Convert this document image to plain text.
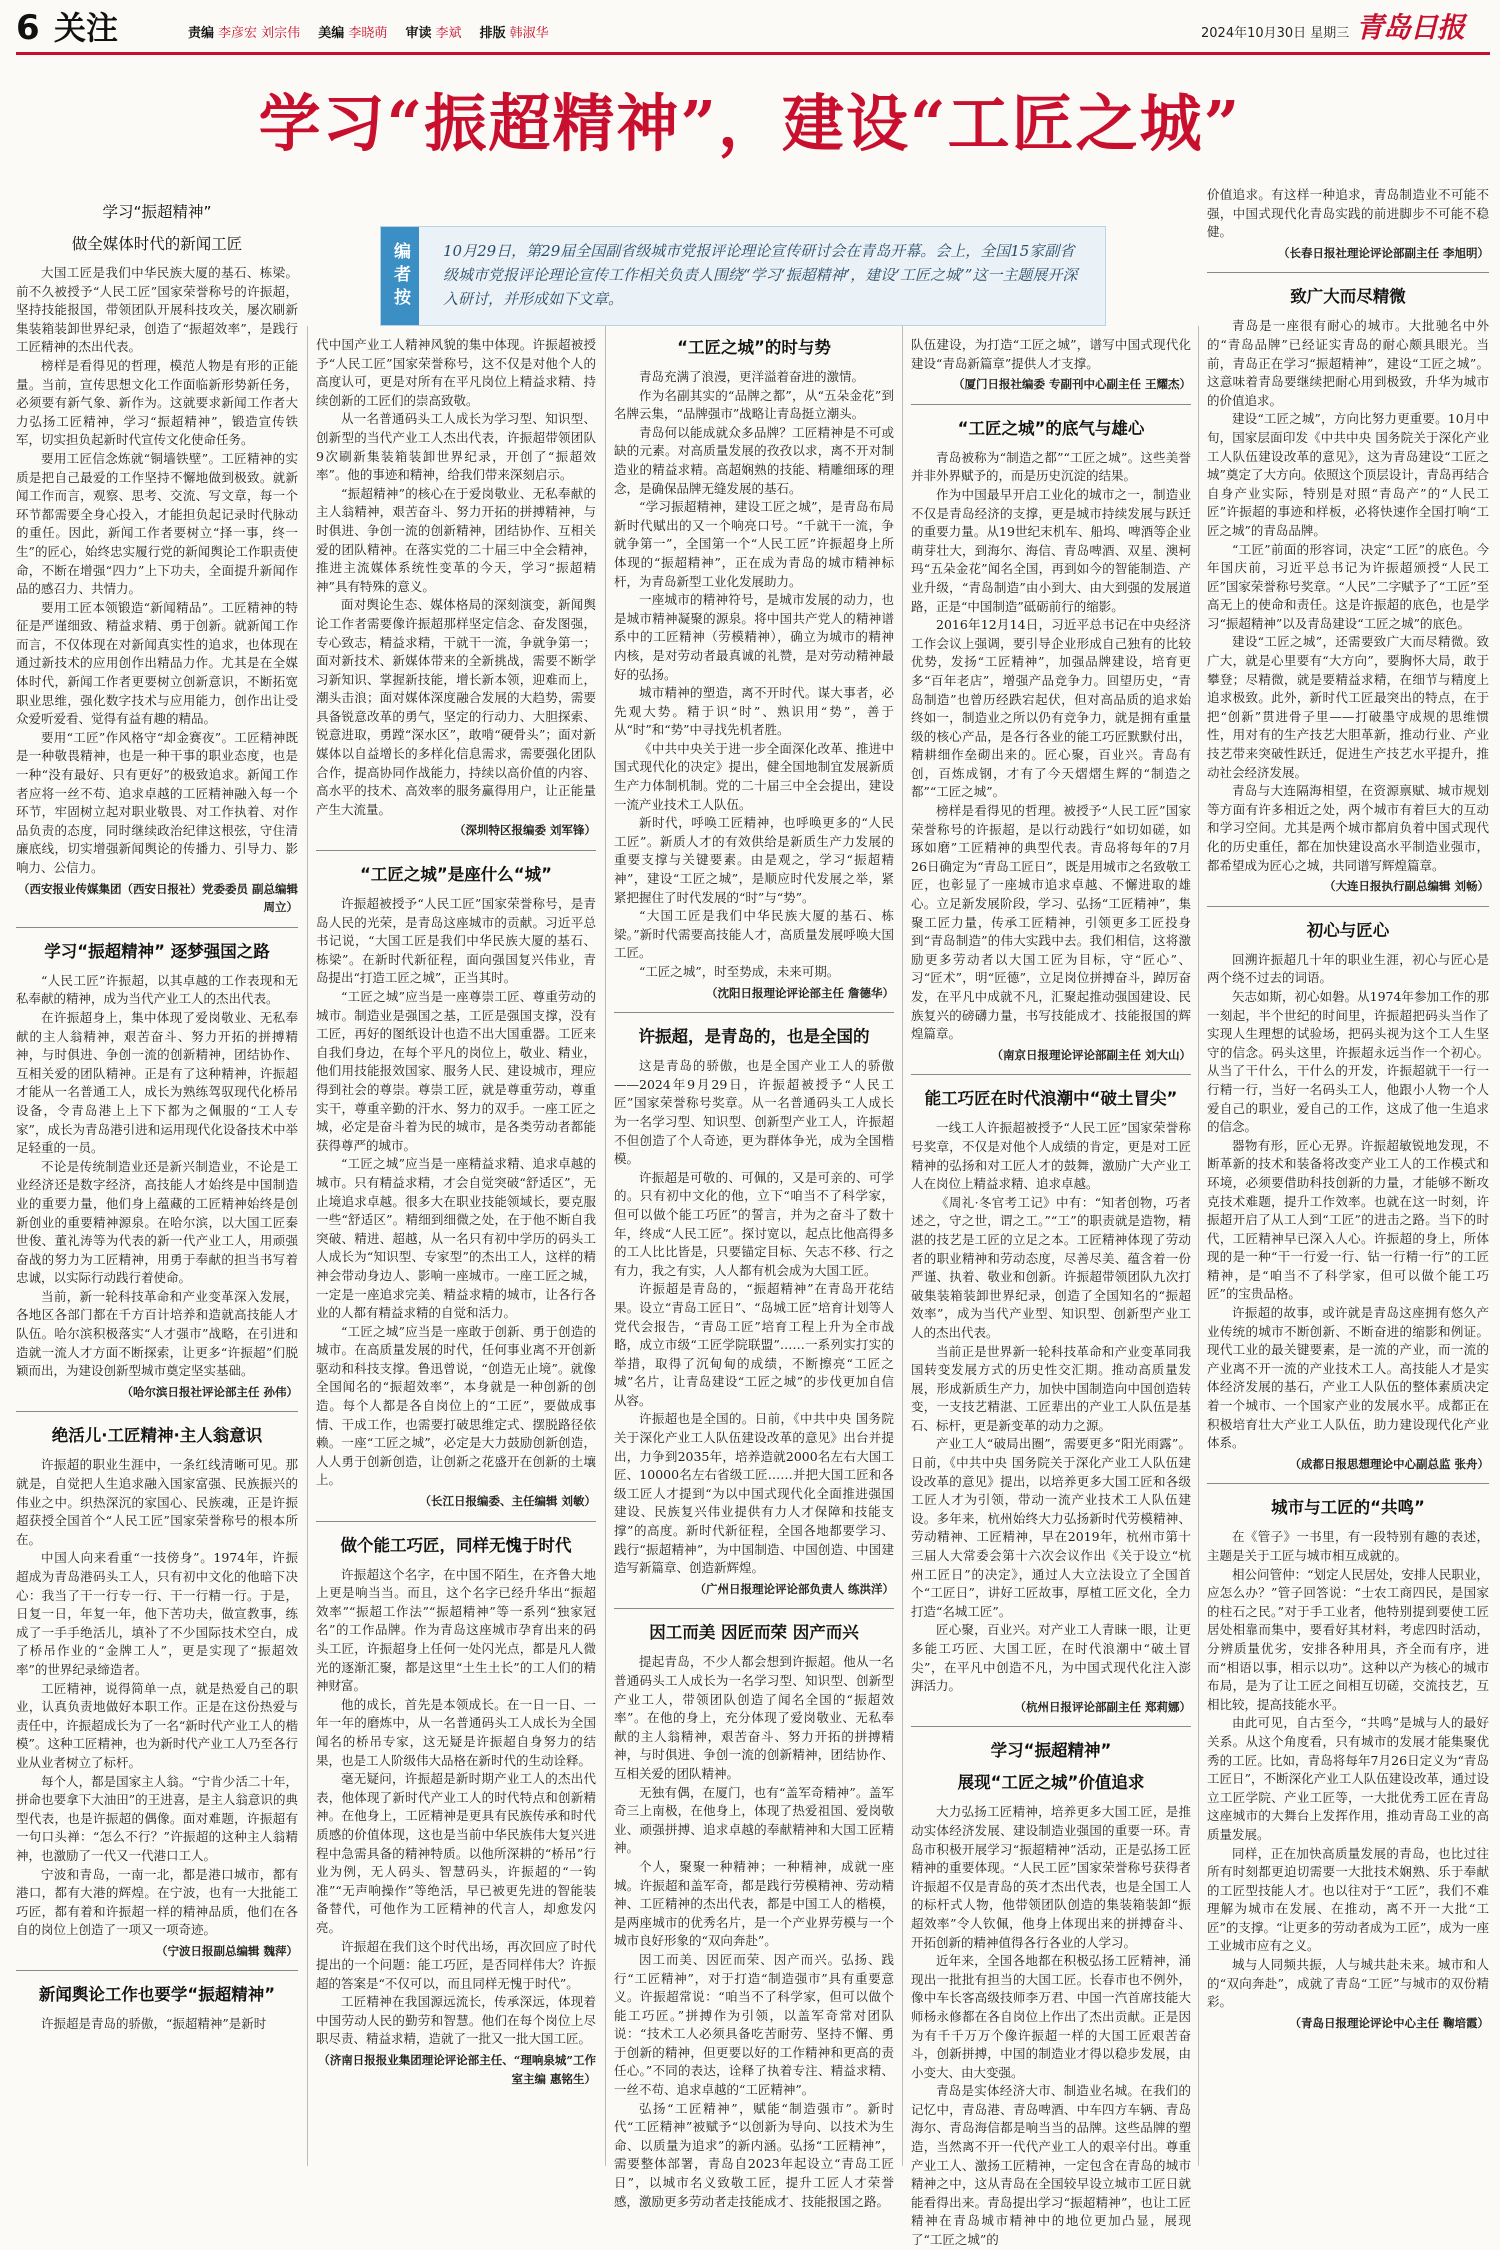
6 关注	责编 李彦宏 刘宗伟 美编 李晓萌 审读 李斌 排版 韩淑华	2024年10月30日 星期三 青岛日报
学习“振超精神”，建设“工匠之城”
编者按	10月29日，第29届全国副省级城市党报评论理论宣传研讨会在青岛开幕。会上，全国15家副省级城市党报评论理论宣传工作相关负责人围绕“学习‘振超精神’，建设‘工匠之城’”这一主题展开深入研讨，并形成如下文章。
学习“振超精神”
做全媒体时代的新闻工匠

大国工匠是我们中华民族大厦的基石、栋梁。前不久被授予“人民工匠”国家荣誉称号的许振超，坚持技能报国，带领团队开展科技攻关，屡次刷新集装箱装卸世界纪录，创造了“振超效率”，是践行工匠精神的杰出代表。

榜样是看得见的哲理，模范人物是有形的正能量。当前，宣传思想文化工作面临新形势新任务，必须要有新气象、新作为。这就要求新闻工作者大力弘扬工匠精神，学习“振超精神”，锻造宣传铁军，切实担负起新时代宣传文化使命任务。

要用工匠信念炼就“铜墙铁壁”。工匠精神的实质是把自己最爱的工作坚持不懈地做到极致。就新闻工作而言，观察、思考、交流、写文章，每一个环节都需要全身心投入，才能担负起记录时代脉动的重任。因此，新闻工作者要树立“择一事，终一生”的匠心，始终忠实履行党的新闻舆论工作职责使命，不断在增强“四力”上下功夫，全面提升新闻作品的感召力、共情力。

要用工匠本领锻造“新闻精品”。工匠精神的特征是严谨细致、精益求精、勇于创新。就新闻工作而言，不仅体现在对新闻真实性的追求，也体现在通过新技术的应用创作出精品力作。尤其是在全媒体时代，新闻工作者更要树立创新意识，不断拓宽职业思维，强化数字技术与应用能力，创作出让受众爱听爱看、觉得有益有趣的精品。

要用“工匠”作风格守“却金赛夜”。工匠精神既是一种敬畏精神，也是一种干事的职业态度，也是一种“没有最好、只有更好”的极致追求。新闻工作者应将一丝不苟、追求卓越的工匠精神融入每一个环节，牢固树立起对职业敬畏、对工作执着、对作品负责的态度，同时继续政治纪律这根弦，守住清廉底线，切实增强新闻舆论的传播力、引导力、影响力、公信力。

（西安报业传媒集团（西安日报社）党委委员 副总编辑 周立）
学习“振超精神” 逐梦强国之路

“人民工匠”许振超，以其卓越的工作表现和无私奉献的精神，成为当代产业工人的杰出代表。

在许振超身上，集中体现了爱岗敬业、无私奉献的主人翁精神，艰苦奋斗、努力开拓的拼搏精神，与时俱进、争创一流的创新精神，团结协作、互相关爱的团队精神。正是有了这种精神，许振超才能从一名普通工人，成长为熟练驾驭现代化桥吊设备，令青岛港上上下下都为之佩服的“工人专家”，成长为青岛港引进和运用现代化设备技术中举足轻重的一员。

不论是传统制造业还是新兴制造业，不论是工业经济还是数字经济，高技能人才始终是中国制造业的重要力量，他们身上蕴藏的工匠精神始终是创新创业的重要精神源泉。在哈尔滨，以大国工匠秦世俊、董礼涛等为代表的新一代产业工人，用顽强奋战的努力为工匠精神，用勇于奉献的担当书写着忠诚，以实际行动践行着使命。

当前，新一轮科技革命和产业变革深入发展，各地区各部门都在千方百计培养和造就高技能人才队伍。哈尔滨积极落实“人才强市”战略，在引进和造就一流人才方面不断探索，让更多“许振超”们脱颖而出，为建设创新型城市奠定坚实基础。

（哈尔滨日报社评论部主任 孙伟）
绝活儿·工匠精神·主人翁意识

许振超的职业生涯中，一条红线清晰可见。那就是，自觉把人生追求融入国家富强、民族振兴的伟业之中。织热深沉的家国心、民族魂，正是许振超获授全国首个“人民工匠”国家荣誉称号的根本所在。

中国人向来看重“一技傍身”。1974年，许振超成为青岛港码头工人，只有初中文化的他暗下决心：我当了干一行专一行、干一行精一行。于是，日复一日，年复一年，他下苦功夫，做宣教事，练成了一手手绝活儿，填补了不少国际技术空白，成了桥吊作业的“金牌工人”，更是实现了“振超效率”的世界纪录缔造者。

工匠精神，说得简单一点，就是热爱自己的职业，认真负责地做好本职工作。正是在这份热爱与责任中，许振超成长为了一名“新时代产业工人的楷模”。这种工匠精神，也为新时代产业工人乃至各行业从业者树立了标杆。

每个人，都是国家主人翁。“宁肯少活二十年，拼命也要拿下大油田”的王进喜，是主人翁意识的典型代表，也是许振超的偶像。面对难题，许振超有一句口头禅：“怎么不行？”许振超的这种主人翁精神，也激励了一代又一代港口工人。

宁波和青岛，一南一北，都是港口城市，都有港口，都有大港的辉煌。在宁波，也有一大批能工巧匠，都有着和许振超一样的精神品质，他们在各自的岗位上创造了一项又一项奇迹。

（宁波日报副总编辑 魏萍）
新闻舆论工作也要学“振超精神”

许振超是青岛的骄傲，“振超精神”是新时

代中国产业工人精神风貌的集中体现。许振超被授予“人民工匠”国家荣誉称号，这不仅是对他个人的高度认可，更是对所有在平凡岗位上精益求精、持续创新的工匠们的崇高致敬。

从一名普通码头工人成长为学习型、知识型、创新型的当代产业工人杰出代表，许振超带领团队9次刷新集装箱装卸世界纪录，开创了“振超效率”。他的事迹和精神，给我们带来深刻启示。

“振超精神”的核心在于爱岗敬业、无私奉献的主人翁精神，艰苦奋斗、努力开拓的拼搏精神，与时俱进、争创一流的创新精神，团结协作、互相关爱的团队精神。在落实党的二十届三中全会精神，推进主流媒体系统性变革的今天，学习“振超精神”具有特殊的意义。

面对舆论生态、媒体格局的深刻演变，新闻舆论工作者需要像许振超那样坚定信念、奋发图强，专心致志，精益求精，干就干一流，争就争第一；面对新技术、新媒体带来的全新挑战，需要不断学习新知识、掌握新技能，增长新本领，迎难而上，潮头击浪；面对媒体深度融合发展的大趋势，需要具备锐意改革的勇气，坚定的行动力、大胆探索、锐意进取，勇蹚“深水区”，敢啃“硬骨头”；面对新媒体以自益增长的多样化信息需求，需要强化团队合作，提高协同作战能力，持续以高价值的内容、高水平的技术、高效率的服务赢得用户，让正能量产生大流量。

（深圳特区报编委 刘军锋）
“工匠之城”是座什么“城”

许振超被授予“人民工匠”国家荣誉称号，是青岛人民的光荣，是青岛这座城市的贡献。习近平总书记说，“大国工匠是我们中华民族大厦的基石、栋梁”。在新时代新征程，面向强国复兴伟业，青岛提出“打造工匠之城”，正当其时。

“工匠之城”应当是一座尊崇工匠、尊重劳动的城市。制造业是强国之基，工匠是强国支撑，没有工匠，再好的图纸设计也造不出大国重器。工匠来自我们身边，在每个平凡的岗位上，敬业、精业，他们用技能报效国家、服务人民、建设城市，理应得到社会的尊崇。尊崇工匠，就是尊重劳动，尊重实干，尊重辛勤的汗水、努力的双手。一座工匠之城，必定是奋斗着为民的城市，是各类劳动者都能获得尊严的城市。

“工匠之城”应当是一座精益求精、追求卓越的城市。只有精益求精，才会自觉突破“舒适区”，无止境追求卓越。很多大在职业技能领域长，要克服一些“舒适区”。精细到细微之处，在于他不断自我突破、精进、超越，从一名只有初中学历的码头工人成长为“知识型、专家型”的杰出工人，这样的精神会带动身边人、影响一座城市。一座工匠之城，一定是一座追求完美、精益求精的城市，让各行各业的人都有精益求精的自觉和活力。

“工匠之城”应当是一座敢于创新、勇于创造的城市。在高质量发展的时代，任何事业离不开创新驱动和科技支撑。鲁迅曾说，“创造无止境”。就像全国闻名的“振超效率”，本身就是一种创新的创造。每个人都是各自岗位上的“工匠”，要做成事情、干成工作，也需要打破思维定式、摆脱路径依赖。一座“工匠之城”，必定是大力鼓励创新创造，人人勇于创新创造，让创新之花盛开在创新的土壤上。

（长江日报编委、主任编辑 刘敏）
做个能工巧匠，同样无愧于时代

许振超这个名字，在中国不陌生，在齐鲁大地上更是响当当。而且，这个名字已经升华出“振超效率”“振超工作法”“振超精神”等一系列“独家冠名”的工作品牌。作为青岛这座城市孕育出来的码头工匠，许振超身上任何一处闪光点，都是凡人微光的逐渐汇聚，都是这里“土生土长”的工人们的精神财富。

他的成长，首先是本领成长。在一日一日、一年一年的磨炼中，从一名普通码头工人成长为全国闻名的桥吊专家，这无疑是许振超自身努力的结果，也是工人阶级伟大品格在新时代的生动诠释。

毫无疑问，许振超是新时期产业工人的杰出代表，他体现了新时代产业工人的时代特点和创新精神。在他身上，工匠精神是更具有民族传承和时代质感的价值体现，这也是当前中华民族伟大复兴进程中急需具备的精神特质。以他所深耕的“桥吊”行业为例，无人码头、智慧码头，许振超的“一钩准”“无声响操作”等绝活，早已被更先进的智能装备替代，可他作为工匠精神的代言人，却愈发闪亮。

许振超在我们这个时代出场，再次回应了时代提出的一个问题：能工巧匠，是否同样伟大？许振超的答案是“不仅可以，而且同样无愧于时代”。

工匠精神在我国源远流长，传承深远，体现着中国劳动人民的勤劳和智慧。他们在每个岗位上尽职尽责、精益求精，造就了一批又一批大国工匠。

（济南日报报业集团理论评论部主任、“理响泉城”工作室主编 惠铭生）
“工匠之城”的时与势

青岛充满了浪漫，更洋溢着奋进的激情。

作为名副其实的“品牌之都”，从“五朵金花”到名牌云集，“品牌强市”战略让青岛挺立潮头。

青岛何以能成就众多品牌？工匠精神是不可或缺的元素。对高质量发展的孜孜以求，离不开对制造业的精益求精。高超娴熟的技能、精雕细琢的理念，是确保品牌无缝发展的基石。

“学习振超精神，建设工匠之城”，是青岛布局新时代赋出的又一个响亮口号。“千就干一流，争就争第一”，全国第一个“人民工匠”许振超身上所体现的“振超精神”，正在成为青岛的城市精神标杆，为青岛新型工业化发展助力。

一座城市的精神符号，是城市发展的动力，也是城市精神凝聚的源泉。将中国共产党人的精神谱系中的工匠精神（劳模精神），确立为城市的精神内核，是对劳动者最真诚的礼赞，是对劳动精神最好的弘扬。

城市精神的塑造，离不开时代。谋大事者，必先观大势。精于识“时”、熟识用“势”，善于从“时”和“势”中寻找先机者胜。

《中共中央关于进一步全面深化改革、推进中国式现代化的决定》提出，健全国地制宜发展新质生产力体制机制。党的二十届三中全会提出，建设一流产业技术工人队伍。

新时代，呼唤工匠精神，也呼唤更多的“人民工匠”。新质人才的有效供给是新质生产力发展的重要支撑与关键要素。由是观之，学习“振超精神”，建设“工匠之城”，是顺应时代发展之举，紧紧把握住了时代发展的“时”与“势”。

“大国工匠是我们中华民族大厦的基石、栋梁。”新时代需要高技能人才，高质量发展呼唤大国工匠。

“工匠之城”，时至势成，未来可期。

（沈阳日报理论评论部主任 詹德华）
许振超，是青岛的，也是全国的

这是青岛的骄傲，也是全国产业工人的骄傲——2024年9月29日，许振超被授予“人民工匠”国家荣誉称号奖章。从一名普通码头工人成长为一名学习型、知识型、创新型产业工人，许振超不但创造了个人奇迹，更为群体争光，成为全国楷模。

许振超是可敬的、可佩的，又是可亲的、可学的。只有初中文化的他，立下“咱当不了科学家，但可以做个能工巧匠”的誓言，并为之奋斗了数十年，终成“人民工匠”。探讨宽以，起点比他高得多的工人比比皆是，只要锚定目标、矢志不移、行之有力，我之有实，人人都有机会成为大国工匠。

许振超是青岛的，“振超精神”在青岛开花结果。设立“青岛工匠日”、“岛城工匠”培育计划等人党代会报告，“青岛工匠”培育工程上升为全市战略，成立市级“工匠学院联盟”……一系列实打实的举措，取得了沉甸甸的成绩，不断擦亮“工匠之城”名片，让青岛建设“工匠之城”的步伐更加自信从容。

许振超也是全国的。日前，《中共中央 国务院关于深化产业工人队伍建设改革的意见》出台并提出，力争到2035年，培养造就2000名左右大国工匠、10000名左右省级工匠……并把大国工匠和各级工匠人才提到“为以中国式现代化全面推进强国建设、民族复兴伟业提供有力人才保障和技能支撑”的高度。新时代新征程，全国各地都要学习、践行“振超精神”，为中国制造、中国创造、中国建造写新篇章、创造新辉煌。

（广州日报理论评论部负责人 练洪洋）
因工而美 因匠而荣 因产而兴

提起青岛，不少人都会想到许振超。他从一名普通码头工人成长为一名学习型、知识型、创新型产业工人，带领团队创造了闻名全国的“振超效率”。在他的身上，充分体现了爱岗敬业、无私奉献的主人翁精神，艰苦奋斗、努力开拓的拼搏精神，与时俱进、争创一流的创新精神，团结协作、互相关爱的团队精神。

无独有偶，在厦门，也有“盖军奇精神”。盖军奇三上南极，在他身上，体现了热爱祖国、爱岗敬业、顽强拼搏、追求卓越的奉献精神和大国工匠精神。

个人，聚聚一种精神；一种精神，成就一座城。许振超和盖军奇，都是践行劳模精神、劳动精神、工匠精神的杰出代表，都是中国工人的楷模，是两座城市的优秀名片，是一个产业界劳模与一个城市良好形象的“双向奔赴”。

因工而美、因匠而荣、因产而兴。弘扬、践行“工匠精神”，对于打造“制造强市”具有重要意义。许振超常说：“咱当不了科学家，但可以做个能工巧匠。”拼搏作为引领，以盖军奇常对团队说：“技术工人必须具备吃苦耐劳、坚持不懈、勇于创新的精神，但更要以好的工作精神和更高的责任心。”不同的表达，诠释了执着专注、精益求精、一丝不苟、追求卓越的“工匠精神”。

弘扬“工匠精神”，赋能“制造强市”。新时代“工匠精神”被赋予“以创新为导向、以技术为生命、以质量为追求”的新内涵。弘扬“工匠精神”，需要整体部署，青岛自2023年起设立“青岛工匠日”，以城市名义致敬工匠，提升工匠人才荣誉感，激励更多劳动者走技能成才、技能报国之路。

队伍建设，为打造“工匠之城”，谱写中国式现代化建设“青岛新篇章”提供人才支撑。

（厦门日报社编委 专副刊中心副主任 王耀杰）
“工匠之城”的底气与雄心

青岛被称为“制造之都”“工匠之城”。这些美誉并非外界赋予的，而是历史沉淀的结果。

作为中国最早开启工业化的城市之一，制造业不仅是青岛经济的支撑，更是城市持续发展与跃迁的重要力量。从19世纪末机车、船坞、啤酒等企业萌芽壮大，到海尔、海信、青岛啤酒、双星、澳柯玛“五朵金花”闻名全国，再到如今的智能制造、产业升级，“青岛制造”由小到大、由大到强的发展道路，正是“中国制造”砥砺前行的缩影。

2016年12月14日，习近平总书记在中央经济工作会议上强调，要引导企业形成自己独有的比较优势，发扬“工匠精神”，加强品牌建设，培育更多“百年老店”，增强产品竞争力。回望历史，“青岛制造”也曾历经跌宕起伏，但对高品质的追求始终如一，制造业之所以仍有竞争力，就是拥有重量级的核心产品，是各行各业的能工巧匠默默付出，精耕细作垒砌出来的。匠心聚，百业兴。青岛有创，百炼成钢，才有了今天熠熠生辉的“制造之都”“工匠之城”。

榜样是看得见的哲理。被授予“人民工匠”国家荣誉称号的许振超，是以行动践行“如切如磋，如琢如磨”工匠精神的典型代表。青岛将每年的7月26日确定为“青岛工匠日”，既是用城市之名致敬工匠，也彰显了一座城市追求卓越、不懈进取的雄心。立足新发展阶段，学习、弘扬“工匠精神”，集聚工匠力量，传承工匠精神，引领更多工匠投身到“青岛制造”的伟大实践中去。我们相信，这将激励更多劳动者以大国工匠为目标，守“匠心”、习“匠术”，明“匠德”，立足岗位拼搏奋斗，踔厉奋发，在平凡中成就不凡，汇聚起推动强国建设、民族复兴的磅礴力量，书写技能成才、技能报国的辉煌篇章。

（南京日报理论评论部副主任 刘大山）
能工巧匠在时代浪潮中“破土冒尖”

一线工人许振超被授予“人民工匠”国家荣誉称号奖章，不仅是对他个人成绩的肯定，更是对工匠精神的弘扬和对工匠人才的鼓舞，激励广大产业工人在岗位上精益求精、追求卓越。

《周礼·冬官考工记》中有：“知者创物，巧者述之，守之世，谓之工。”“工”的职责就是造物，精湛的技艺是工匠的立足之本。工匠精神体现了劳动者的职业精神和劳动态度，尽善尽美、蕴含着一份严谨、执着、敬业和创新。许振超带领团队九次打破集装箱装卸世界纪录，创造了全国知名的“振超效率”，成为当代产业型、知识型、创新型产业工人的杰出代表。

当前正是世界新一轮科技革命和产业变革同我国转变发展方式的历史性交汇期。推动高质量发展，形成新质生产力，加快中国制造向中国创造转变，一支技艺精湛、工匠辈出的产业工人队伍是基石、标杆，更是新变革的动力之源。

产业工人“破局出圈”，需要更多“阳光雨露”。日前，《中共中央 国务院关于深化产业工人队伍建设改革的意见》提出，以培养更多大国工匠和各级工匠人才为引领，带动一流产业技术工人队伍建设。多年来，杭州始终大力弘扬新时代劳模精神、劳动精神、工匠精神，早在2019年，杭州市第十三届人大常委会第十六次会议作出《关于设立“杭州工匠日”的决定》，通过人大立法设立了全国首个“工匠日”，讲好工匠故事，厚植工匠文化，全力打造“名城工匠”。

匠心聚，百业兴。对产业工人青睐一眼，让更多能工巧匠、大国工匠，在时代浪潮中“破土冒尖”，在平凡中创造不凡，为中国式现代化注入澎湃活力。

（杭州日报评论部副主任 郑莉娜）
学习“振超精神”
展现“工匠之城”价值追求

大力弘扬工匠精神，培养更多大国工匠，是推动实体经济发展、建设制造业强国的重要一环。青岛市积极开展学习“振超精神”活动，正是弘扬工匠精神的重要体现。“人民工匠”国家荣誉称号获得者许振超不仅是青岛的英才杰出代表，也是全国工人的标杆式人物，他带领团队创造的集装箱装卸“振超效率”令人钦佩，他身上体现出来的拼搏奋斗、开拓创新的精神值得各行各业的人学习。

近年来，全国各地都在积极弘扬工匠精神，涌现出一批批有担当的大国工匠。长春市也不例外，像中车长客高级技师李万君、中国一汽首席技能大师杨永修都在各自岗位上作出了杰出贡献。正是因为有千千万万个像许振超一样的大国工匠艰苦奋斗，创新拼搏，中国的制造业才得以稳步发展，由小变大、由大变强。

青岛是实体经济大市、制造业名城。在我们的记忆中，青岛港、青岛啤酒、中车四方车辆、青岛海尔、青岛海信都是响当当的品牌。这些品牌的塑造，当然离不开一代代产业工人的艰辛付出。尊重产业工人、激扬工匠精神，一定包含在青岛的城市精神之中，这从青岛在全国较早设立城市工匠日就能看得出来。青岛提出学习“振超精神”，也让工匠精神在青岛城市精神中的地位更加凸显，展现了“工匠之城”的

价值追求。有这样一种追求，青岛制造业不可能不强，中国式现代化青岛实践的前进脚步不可能不稳健。

（长春日报社理论评论部副主任 李旭明）
致广大而尽精微

青岛是一座很有耐心的城市。大批驰名中外的“青岛品牌”已经证实青岛的耐心颇具眼光。当前，青岛正在学习“振超精神”，建设“工匠之城”。这意味着青岛要继续把耐心用到极致，升华为城市的价值追求。

建设“工匠之城”，方向比努力更重要。10月中旬，国家层面印发《中共中央 国务院关于深化产业工人队伍建设改革的意见》，这为青岛建设“工匠之城”奠定了大方向。依照这个顶层设计，青岛再结合自身产业实际，特别是对照“青岛产”的“人民工匠”许振超的事迹和样板，必将快速作全国打响“工匠之城”的青岛品牌。

“工匠”前面的形容词，决定“工匠”的底色。今年国庆前，习近平总书记为许振超颁授“人民工匠”国家荣誉称号奖章。“人民”二字赋予了“工匠”至高无上的使命和责任。这是许振超的底色，也是学习“振超精神”以及青岛建设“工匠之城”的底色。

建设“工匠之城”，还需要致广大而尽精微。致广大，就是心里要有“大方向”，要胸怀大局，敢于攀登；尽精微，就是要精益求精，在细节与精度上追求极致。此外，新时代工匠最突出的特点，在于把“创新”贯进骨子里——打破墨守成规的思维惯性，用对有的生产技艺大胆革新，推动行业、产业技艺带来突破性跃迁，促进生产技艺水平提升，推动社会经济发展。

青岛与大连隔海相望，在资源禀赋、城市规划等方面有许多相近之处，两个城市有着巨大的互动和学习空间。尤其是两个城市都肩负着中国式现代化的历史重任，都在加快建设高水平制造业强市，都希望成为匠心之城，共同谱写辉煌篇章。

（大连日报执行副总编辑 刘畅）
初心与匠心

回溯许振超几十年的职业生涯，初心与匠心是两个绕不过去的词语。

矢志如斯，初心如磐。从1974年参加工作的那一刻起，半个世纪的时间里，许振超把码头当作了实现人生理想的试验场，把码头视为这个工人生坚守的信念。码头这里，许振超永远当作一个初心。从当了干什么，干什么的开发，许振超就干一行一行精一行，当好一名码头工人，他跟小人物一个人爱自己的职业，爱自己的工作，这成了他一生追求的信念。

器物有形，匠心无界。许振超敏锐地发现，不断革新的技术和装备将改变产业工人的工作模式和环境，必须要借助科技创新的力量，才能够不断攻克技术难题，提升工作效率。也就在这一时刻，许振超开启了从工人到“工匠”的进击之路。当下的时代，工匠精神早已深入人心。许振超的身上，所体现的是一种“干一行爱一行、钻一行精一行”的工匠精神，是“咱当不了科学家，但可以做个能工巧匠”的宝贵品格。

许振超的故事，或许就是青岛这座拥有悠久产业传统的城市不断创新、不断奋进的缩影和例证。现代工业的最关键要素，是一流的产业，而一流的产业离不开一流的产业技术工人。高技能人才是实体经济发展的基石，产业工人队伍的整体素质决定着一个城市、一个国家产业的发展水平。成都正在积极培育壮大产业工人队伍，助力建设现代化产业体系。

（成都日报思想理论中心副总监 张舟）
城市与工匠的“共鸣”

在《管子》一书里，有一段特别有趣的表述，主题是关于工匠与城市相互成就的。

相公问管仲：“划定人民居处，安排人民职业，应怎么办？”管子回答说：“士农工商四民，是国家的柱石之民。”对于手工业者，他特别提到要使工匠居处相靠而集中，要看好其材料，考虑四时活动，分辨质量优劣，安排各种用具，齐全而有序，进而“相语以事，相示以功”。这种以产为核心的城市布局，是为了让工匠之间相互切磋，交流技艺，互相比较，提高技能水平。

由此可见，自古至今，“共鸣”是城与人的最好关系。从这个角度看，只有城市的发展才能集聚优秀的工匠。比如，青岛将每年7月26日定义为“青岛工匠日”，不断深化产业工人队伍建设改革，通过设立工匠学院、产业工匠等，一大批优秀工匠在青岛这座城市的大舞台上发挥作用，推动青岛工业的高质量发展。

同样，正在加快高质量发展的青岛，也比过往所有时刻都更迫切需要一大批技术娴熟、乐于奉献的工匠型技能人才。也以往对于“工匠”，我们不难理解为城市在发展、在推动，离不开一大批“工匠”的支撑。“让更多的劳动者成为工匠”，成为一座工业城市应有之义。

城与人同频共振，人与城共赴未来。城市和人的“双向奔赴”，成就了青岛“工匠”与城市的双份精彩。

（青岛日报理论评论中心主任 鞠培霞）
